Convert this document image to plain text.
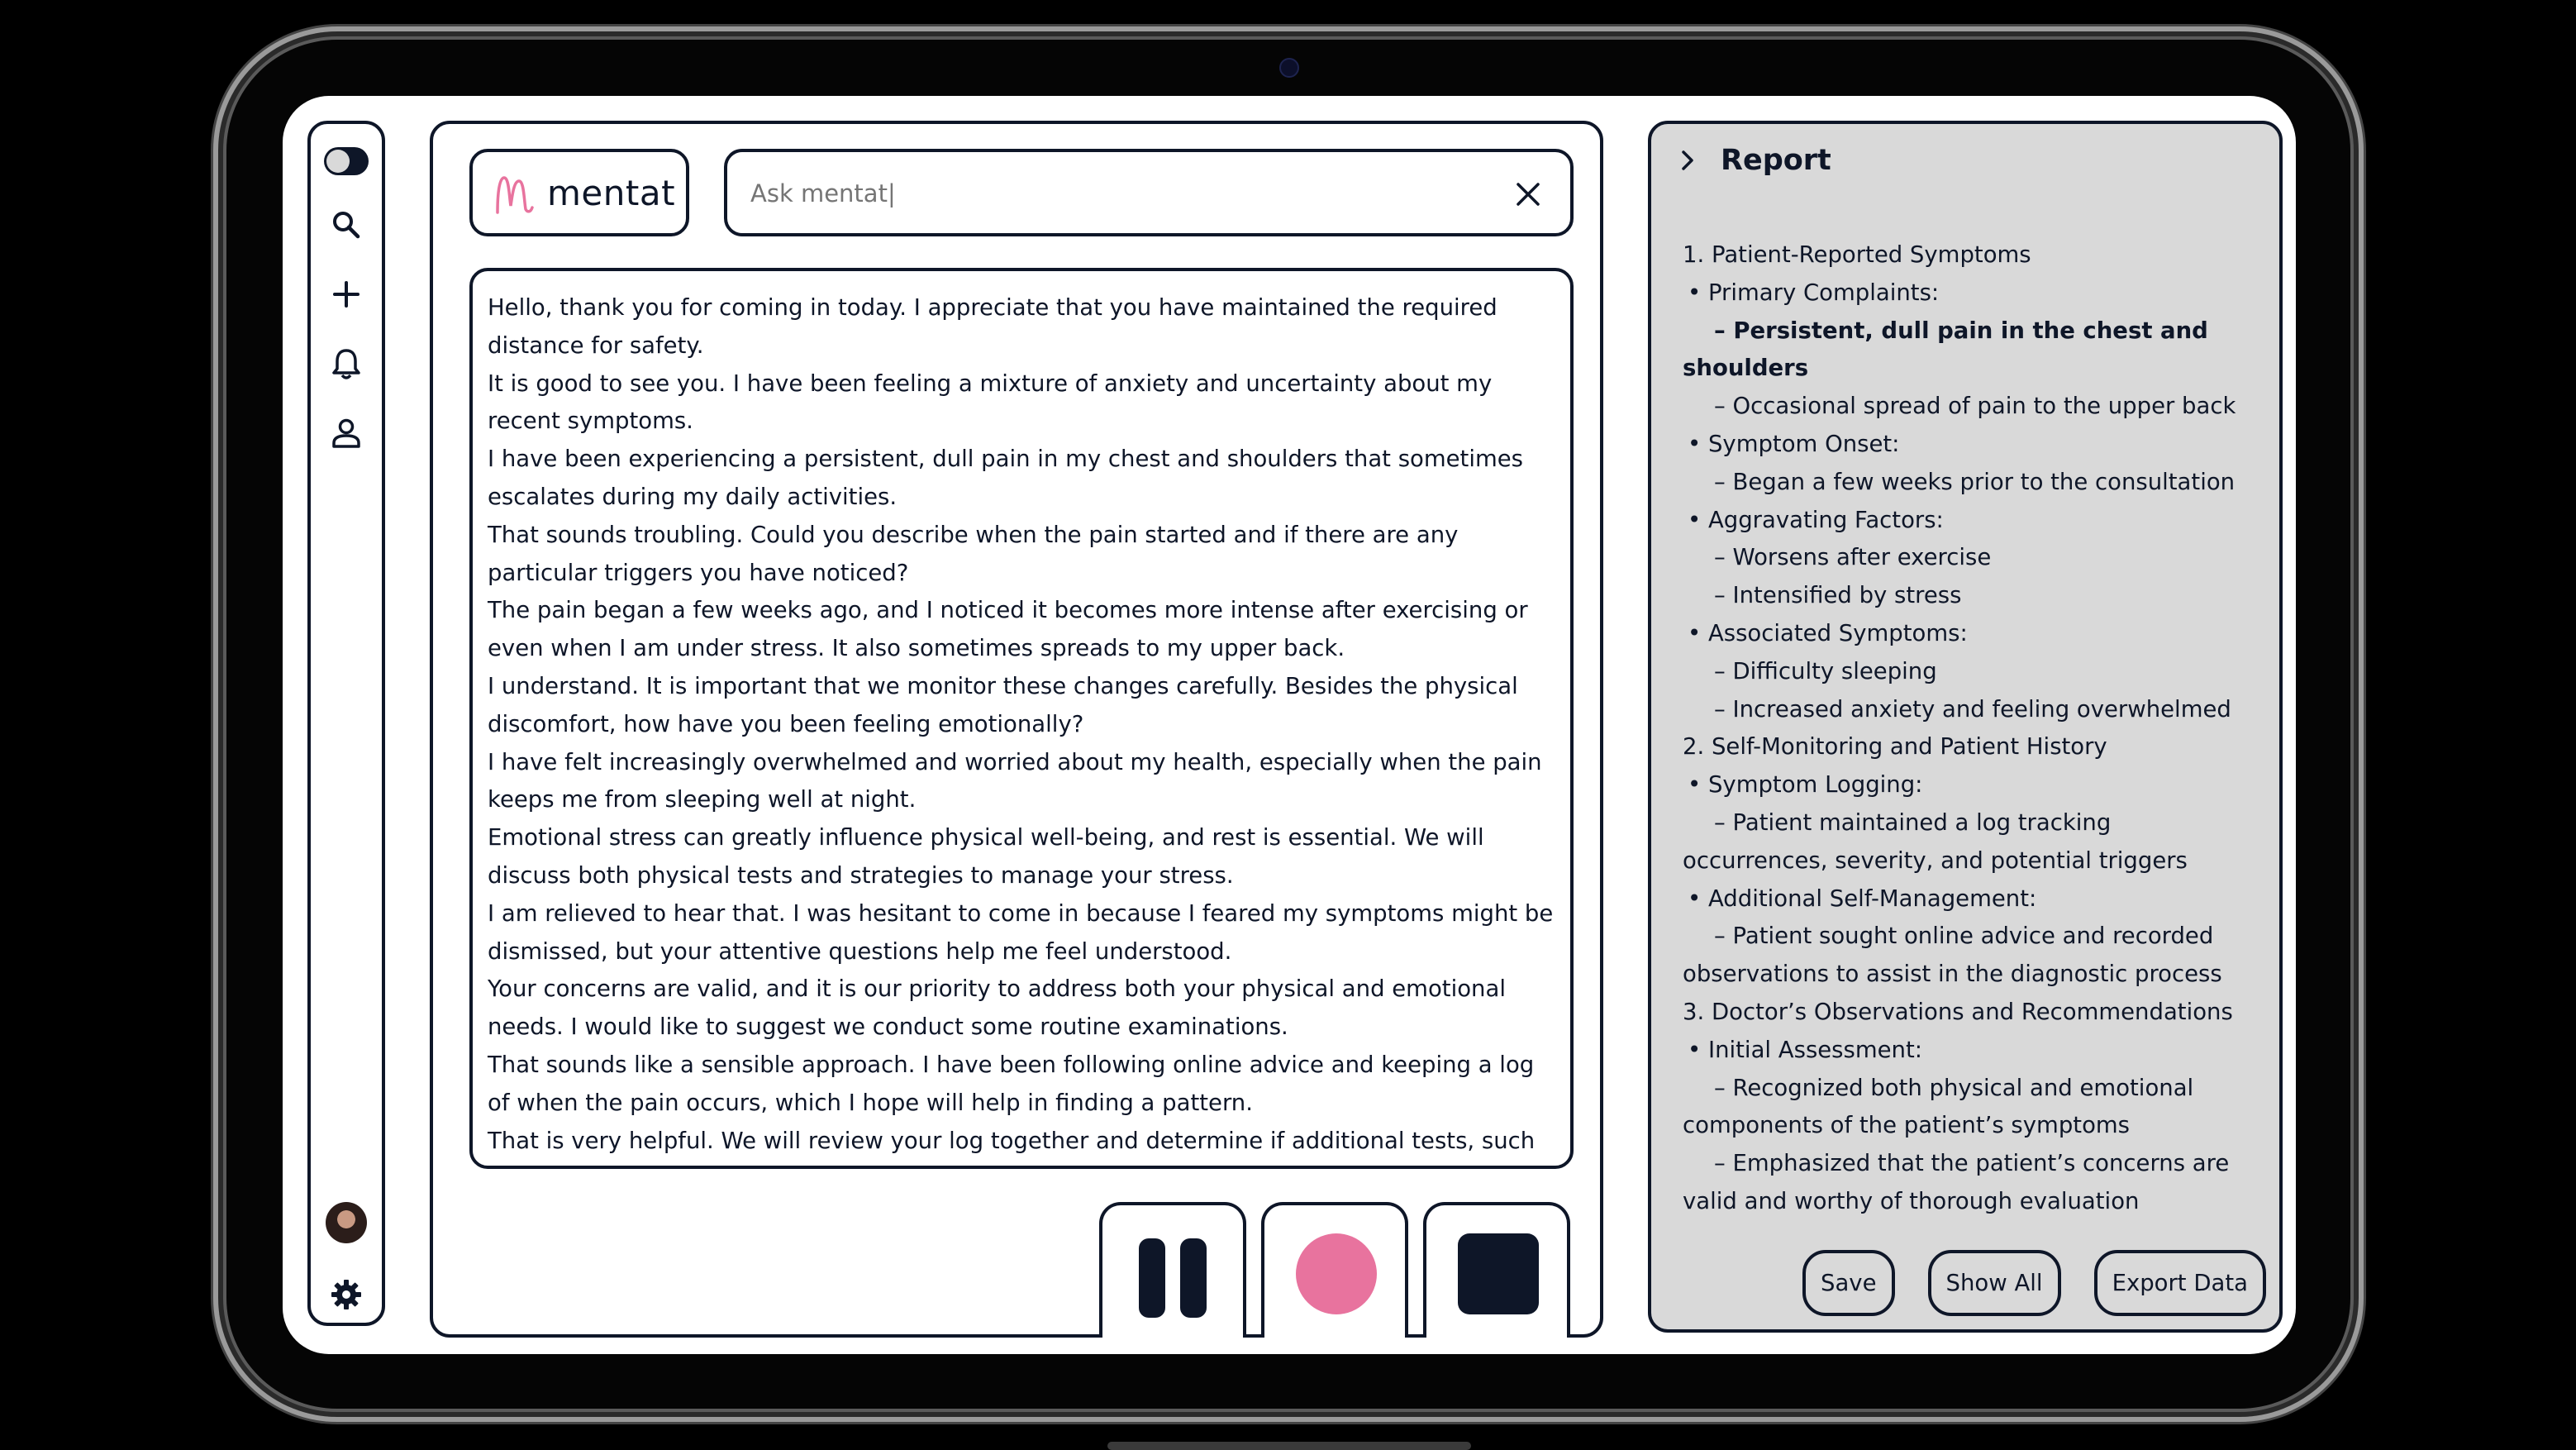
mentat
Ask mentat|

Hello, thank you for coming in today. I appreciate that you have maintained the required distance for safety.

It is good to see you. I have been feeling a mixture of anxiety and uncertainty about my recent symptoms.

I have been experiencing a persistent, dull pain in my chest and shoulders that sometimes escalates during my daily activities.

That sounds troubling. Could you describe when the pain started and if there are any particular triggers you have noticed?

The pain began a few weeks ago, and I noticed it becomes more intense after exercising or even when I am under stress. It also sometimes spreads to my upper back.

I understand. It is important that we monitor these changes carefully. Besides the physical discomfort, how have you been feeling emotionally?

I have felt increasingly overwhelmed and worried about my health, especially when the pain keeps me from sleeping well at night.

Emotional stress can greatly influence physical well-being, and rest is essential. We will discuss both physical tests and strategies to manage your stress.

I am relieved to hear that. I was hesitant to come in because I feared my symptoms might be dismissed, but your attentive questions help me feel understood.

Your concerns are valid, and it is our priority to address both your physical and emotional needs. I would like to suggest we conduct some routine examinations.

That sounds like a sensible approach. I have been following online advice and keeping a log of when the pain occurs, which I hope will help in finding a pattern.

That is very helpful. We will review your log together and determine if additional tests, such

Report
1. Patient-Reported Symptoms
• Primary Complaints:
– Persistent, dull pain in the chest and shoulders
– Occasional spread of pain to the upper back
• Symptom Onset:
– Began a few weeks prior to the consultation
• Aggravating Factors:
– Worsens after exercise
– Intensified by stress
• Associated Symptoms:
– Difficulty sleeping
– Increased anxiety and feeling overwhelmed
2. Self-Monitoring and Patient History
• Symptom Logging:
– Patient maintained a log tracking occurrences, severity, and potential triggers
• Additional Self-Management:
– Patient sought online advice and recorded observations to assist in the diagnostic process
3. Doctor’s Observations and Recommendations
• Initial Assessment:
– Recognized both physical and emotional components of the patient’s symptoms
– Emphasized that the patient’s concerns are valid and worthy of thorough evaluation
Save	Show All	Export Data
